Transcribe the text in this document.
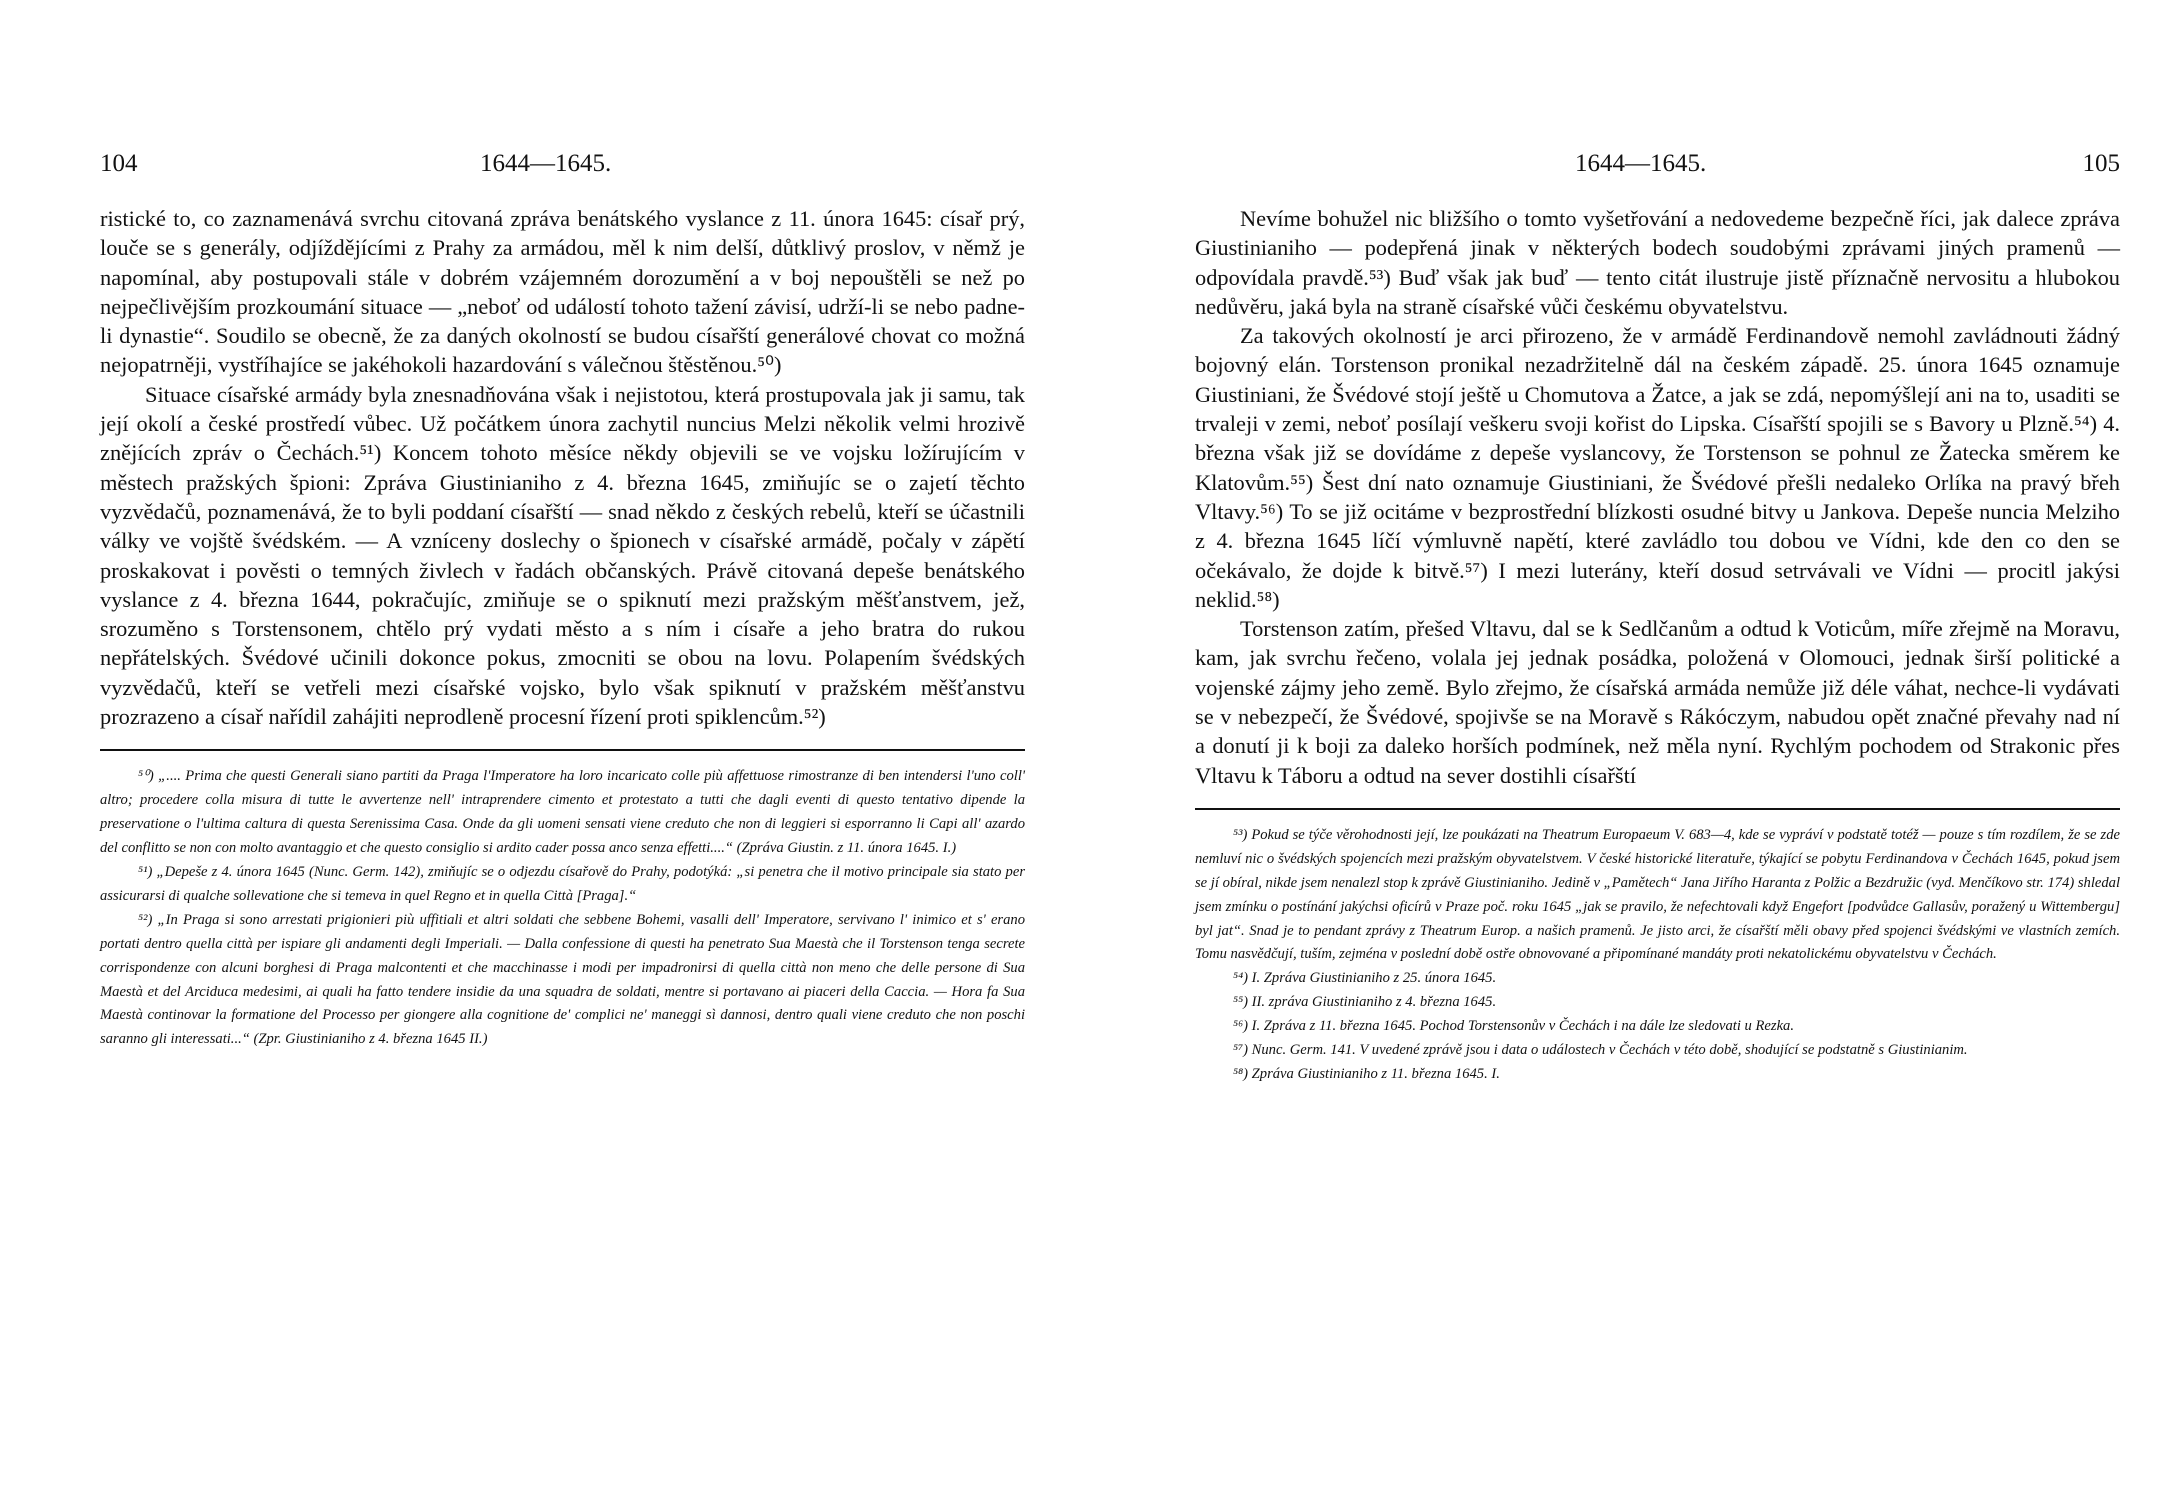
104	1644—1645.

ristické to, co zaznamenává svrchu citovaná zpráva benátského vyslance z 11. února 1645: císař prý, louče se s generály, odjíždějícími z Prahy za armádou, měl k nim delší, důtklivý proslov, v němž je napomínal, aby postupovali stále v dobrém vzájemném dorozumění a v boj nepouštěli se než po nejpečlivějším prozkoumání situace — „neboť od událostí tohoto tažení závisí, udrží-li se nebo padne-li dynastie“. Soudilo se obecně, že za daných okolností se budou císařští generálové chovat co možná nejopatrněji, vystříhajíce se jakéhokoli hazardování s válečnou štěstěnou.⁵⁰)

Situace císařské armády byla znesnadňována však i nejistotou, která prostupovala jak ji samu, tak její okolí a české prostředí vůbec. Už počátkem února zachytil nuncius Melzi několik velmi hrozivě znějících zpráv o Čechách.⁵¹) Koncem tohoto měsíce někdy objevili se ve vojsku ložírujícím v městech pražských špioni: Zpráva Giustinianiho z 4. března 1645, zmiňujíc se o zajetí těchto vyzvědačů, poznamenává, že to byli poddaní císařští — snad někdo z českých rebelů, kteří se účastnili války ve vojště švédském. — A vzníceny doslechy o špionech v císařské armádě, počaly v zápětí proskakovat i pověsti o temných živlech v řadách občanských. Právě citovaná depeše benátského vyslance z 4. března 1644, pokračujíc, zmiňuje se o spiknutí mezi pražským měšťanstvem, jež, srozuměno s Torstensonem, chtělo prý vydati město a s ním i císaře a jeho bratra do rukou nepřátelských. Švédové učinili dokonce pokus, zmocniti se obou na lovu. Polapením švédských vyzvědačů, kteří se vetřeli mezi císařské vojsko, bylo však spiknutí v pražském měšťanstvu prozrazeno a císař nařídil zahájiti neprodleně procesní řízení proti spiklencům.⁵²)

⁵⁰) „.... Prima che questi Generali siano partiti da Praga l'Imperatore ha loro incaricato colle più affettuose rimostranze di ben intendersi l'uno coll' altro; procedere colla misura di tutte le avvertenze nell' intraprendere cimento et protestato a tutti che dagli eventi di questo tentativo dipende la preservatione o l'ultima caltura di questa Serenissima Casa. Onde da gli uomeni sensati viene creduto che non di leggieri si esporranno li Capi all' azardo del conflitto se non con molto avantaggio et che questo consiglio si ardito cader possa anco senza effetti....“ (Zpráva Giustin. z 11. února 1645. I.)

⁵¹) „Depeše z 4. února 1645 (Nunc. Germ. 142), zmiňujíc se o odjezdu císařově do Prahy, podotýká: „si penetra che il motivo principale sia stato per assicurarsi di qualche sollevatione che si temeva in quel Regno et in quella Città [Praga].“

⁵²) „In Praga si sono arrestati prigionieri più uffitiali et altri soldati che sebbene Bohemi, vasalli dell' Imperatore, servivano l' inimico et s' erano portati dentro quella città per ispiare gli andamenti degli Imperiali. — Dalla confessione di questi ha penetrato Sua Maestà che il Torstenson tenga secrete corrispondenze con alcuni borghesi di Praga malcontenti et che macchinasse i modi per impadronirsi di quella città non meno che delle persone di Sua Maestà et del Arciduca medesimi, ai quali ha fatto tendere insidie da una squadra de soldati, mentre si portavano ai piaceri della Caccia. — Hora fa Sua Maestà continovar la formatione del Processo per giongere alla cognitione de' complici ne' maneggi sì dannosi, dentro quali viene creduto che non poschi saranno gli interessati...“ (Zpr. Giustinianiho z 4. března 1645 II.)

1644—1645.	105

Nevíme bohužel nic bližšího o tomto vyšetřování a nedovedeme bezpečně říci, jak dalece zpráva Giustinianiho — podepřená jinak v některých bodech soudobými zprávami jiných pramenů — odpovídala pravdě.⁵³) Buď však jak buď — tento citát ilustruje jistě příznačně nervositu a hlubokou nedůvěru, jaká byla na straně císařské vůči českému obyvatelstvu.

Za takových okolností je arci přirozeno, že v armádě Ferdinandově nemohl zavládnouti žádný bojovný elán. Torstenson pronikal nezadržitelně dál na českém západě. 25. února 1645 oznamuje Giustiniani, že Švédové stojí ještě u Chomutova a Žatce, a jak se zdá, nepomýšlejí ani na to, usaditi se trvaleji v zemi, neboť posílají veškeru svoji kořist do Lipska. Císařští spojili se s Bavory u Plzně.⁵⁴) 4. března však již se dovídáme z depeše vyslancovy, že Torstenson se pohnul ze Žatecka směrem ke Klatovům.⁵⁵) Šest dní nato oznamuje Giustiniani, že Švédové přešli nedaleko Orlíka na pravý břeh Vltavy.⁵⁶) To se již ocitáme v bezprostřední blízkosti osudné bitvy u Jankova. Depeše nuncia Melziho z 4. března 1645 líčí výmluvně napětí, které zavládlo tou dobou ve Vídni, kde den co den se očekávalo, že dojde k bitvě.⁵⁷) I mezi luterány, kteří dosud setrvávali ve Vídni — procitl jakýsi neklid.⁵⁸)

Torstenson zatím, přešed Vltavu, dal se k Sedlčanům a odtud k Voticům, míře zřejmě na Moravu, kam, jak svrchu řečeno, volala jej jednak posádka, položená v Olomouci, jednak širší politické a vojenské zájmy jeho země. Bylo zřejmo, že císařská armáda nemůže již déle váhat, nechce-li vydávati se v nebezpečí, že Švédové, spojivše se na Moravě s Rákóczym, nabudou opět značné převahy nad ní a donutí ji k boji za daleko horších podmínek, než měla nyní. Rychlým pochodem od Strakonic přes Vltavu k Táboru a odtud na sever dostihli císařští

⁵³) Pokud se týče věrohodnosti její, lze poukázati na Theatrum Europaeum V. 683—4, kde se vypráví v podstatě totéž — pouze s tím rozdílem, že se zde nemluví nic o švédských spojencích mezi pražským obyvatelstvem. V české historické literatuře, týkající se pobytu Ferdinandova v Čechách 1645, pokud jsem se jí obíral, nikde jsem nenalezl stop k zprávě Giustinianiho. Jedině v „Pamětech“ Jana Jiřího Haranta z Polžic a Bezdružic (vyd. Menčíkovo str. 174) shledal jsem zmínku o postínání jakýchsi oficírů v Praze poč. roku 1645 „jak se pravilo, že nefechtovali když Engefort [podvůdce Gallasův, poražený u Wittembergu] byl jat“. Snad je to pendant zprávy z Theatrum Europ. a našich pramenů. Je jisto arci, že císařští měli obavy před spojenci švédskými ve vlastních zemích. Tomu nasvědčují, tuším, zejména v poslední době ostře obnovované a připomínané mandáty proti nekatolickému obyvatelstvu v Čechách.

⁵⁴) I. Zpráva Giustinianiho z 25. února 1645.

⁵⁵) II. zpráva Giustinianiho z 4. března 1645.

⁵⁶) I. Zpráva z 11. března 1645. Pochod Torstensonův v Čechách i na dále lze sledovati u Rezka.

⁵⁷) Nunc. Germ. 141. V uvedené zprávě jsou i data o událostech v Čechách v této době, shodující se podstatně s Giustinianim.

⁵⁸) Zpráva Giustinianiho z 11. března 1645. I.
